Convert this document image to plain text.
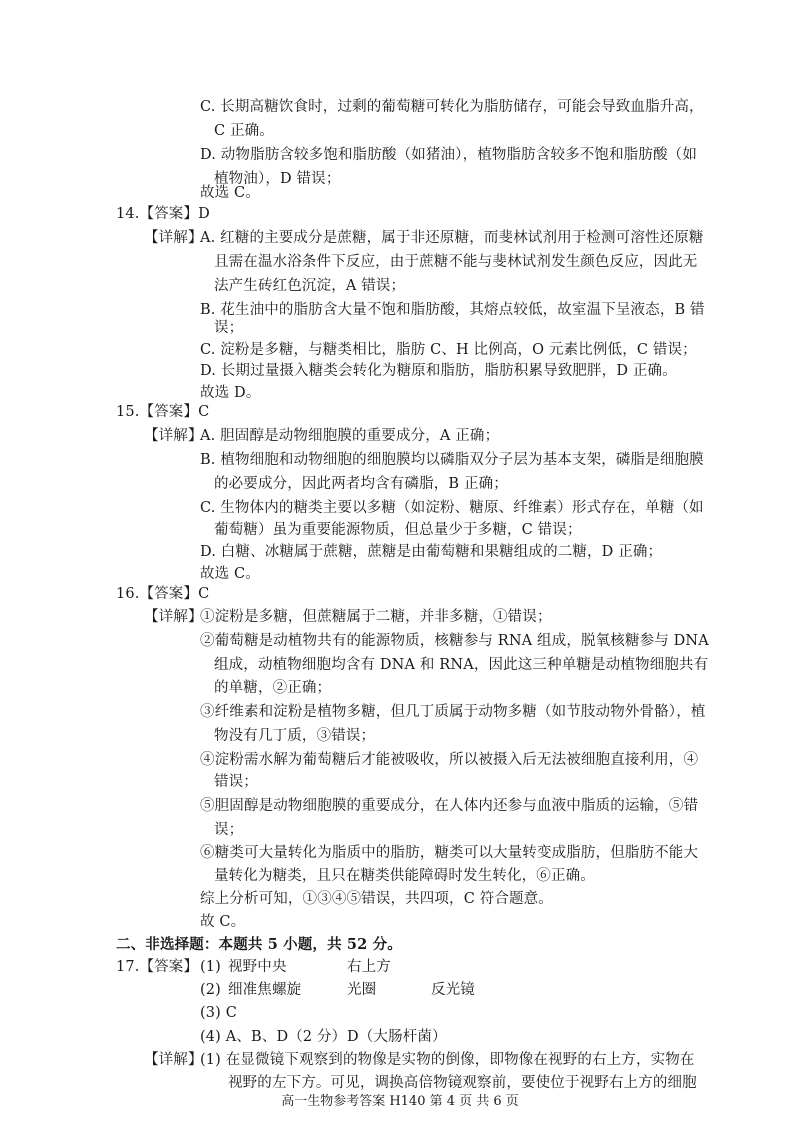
C. 长期高糖饮食时，过剩的葡萄糖可转化为脂肪储存，可能会导致血脂升高，
C 正确。
D. 动物脂肪含较多饱和脂肪酸（如猪油），植物脂肪含较多不饱和脂肪酸（如
植物油），D 错误；
故选 C。
14.【答案】D
【详解】
A. 红糖的主要成分是蔗糖，属于非还原糖，而斐林试剂用于检测可溶性还原糖
且需在温水浴条件下反应，由于蔗糖不能与斐林试剂发生颜色反应，因此无
法产生砖红色沉淀，A 错误；
B. 花生油中的脂肪含大量不饱和脂肪酸，其熔点较低，故室温下呈液态，B 错
误；
C. 淀粉是多糖，与糖类相比，脂肪 C、H 比例高，O 元素比例低，C 错误；
D. 长期过量摄入糖类会转化为糖原和脂肪，脂肪积累导致肥胖，D 正确。
故选 D。
15.【答案】C
【详解】
A. 胆固醇是动物细胞膜的重要成分，A 正确；
B. 植物细胞和动物细胞的细胞膜均以磷脂双分子层为基本支架，磷脂是细胞膜
的必要成分，因此两者均含有磷脂，B 正确；
C. 生物体内的糖类主要以多糖（如淀粉、糖原、纤维素）形式存在，单糖（如
葡萄糖）虽为重要能源物质，但总量少于多糖，C 错误；
D. 白糖、冰糖属于蔗糖，蔗糖是由葡萄糖和果糖组成的二糖，D 正确；
故选 C。
16.【答案】C
【详解】
①淀粉是多糖，但蔗糖属于二糖，并非多糖，①错误；
②葡萄糖是动植物共有的能源物质，核糖参与 RNA 组成，脱氧核糖参与 DNA
组成，动植物细胞均含有 DNA 和 RNA，因此这三种单糖是动植物细胞共有
的单糖，②正确；
③纤维素和淀粉是植物多糖，但几丁质属于动物多糖（如节肢动物外骨骼），植
物没有几丁质，③错误；
④淀粉需水解为葡萄糖后才能被吸收，所以被摄入后无法被细胞直接利用，④
错误；
⑤胆固醇是动物细胞膜的重要成分，在人体内还参与血液中脂质的运输，⑤错
误；
⑥糖类可大量转化为脂质中的脂肪，糖类可以大量转变成脂肪，但脂肪不能大
量转化为糖类，且只在糖类供能障碍时发生转化，⑥正确。
综上分析可知，①③④⑤错误，共四项，C 符合题意。
故 C。
二、非选择题：本题共 5 小题，共 52 分。
17.【答案】 (1) 视野中央	右上方
(2) 细准焦螺旋	光圈	反光镜
(3) C
(4) A、B、D（2 分） D（大肠杆菌）
【详解】
(1) 在显微镜下观察到的物像是实物的倒像，即物像在视野的右上方，实物在
视野的左下方。可见，调换高倍物镜观察前，要使位于视野右上方的细胞
高一生物参考答案 H140 第 4 页 共 6 页
